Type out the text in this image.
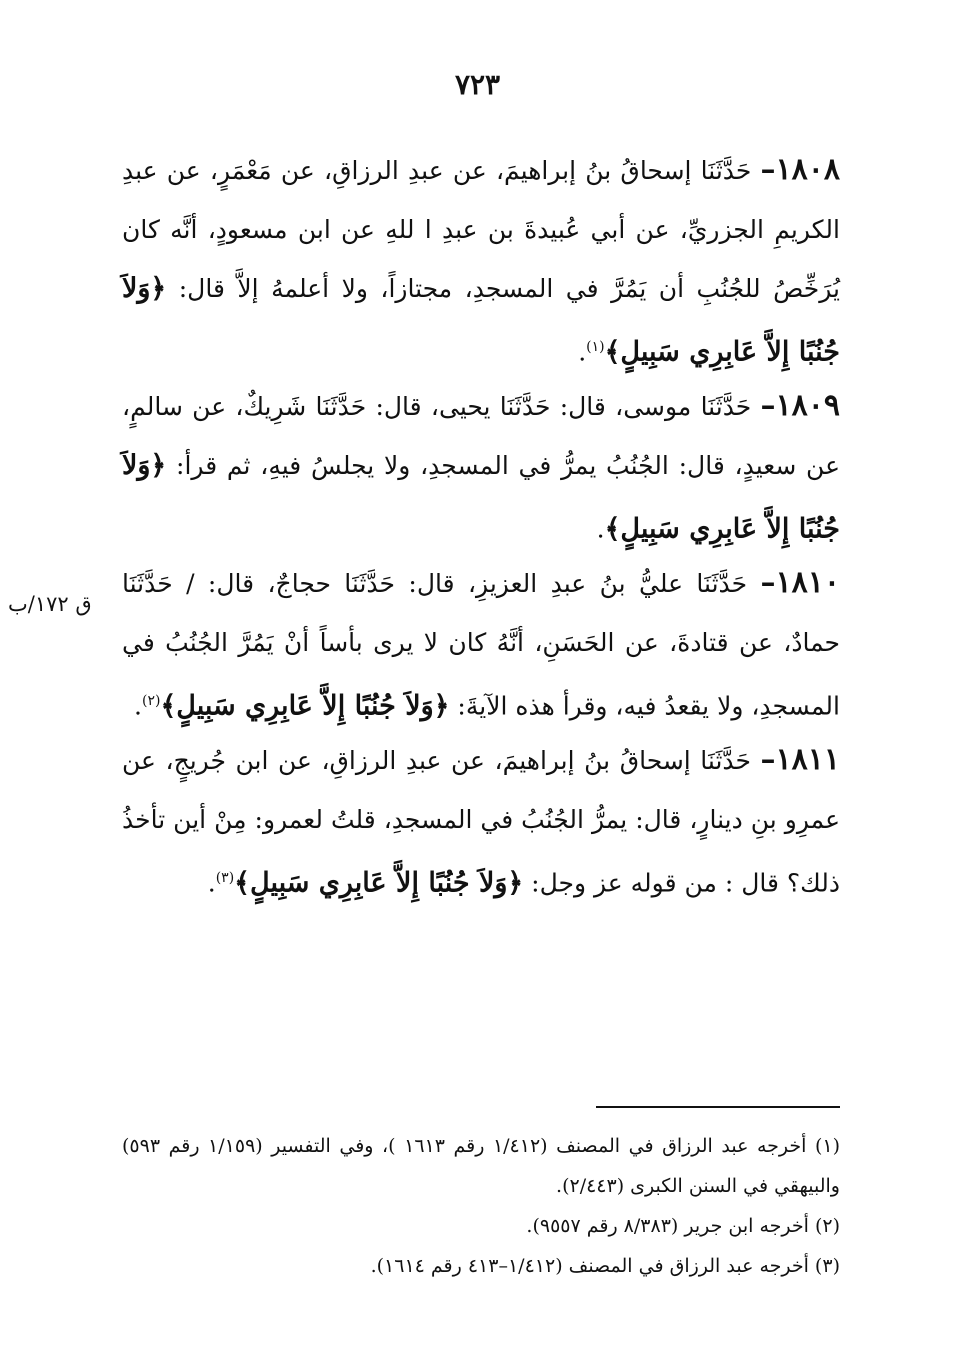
٧٢٣
ق ١٧٢/ب

١٨٠٨– حَدَّثَنَا إسحاقُ بنُ إبراهيمَ، عن عبدِ الرزاقِ، عن مَعْمَرٍ، عن عبدِ الكريمِ الجزريِّ، عن أبي عُبيدةَ بن عبدِ ا للهِ عن ابن مسعودٍ، أنَّه كان يُرَخِّصُ للجُنُبِ أن يَمُرَّ في المسجدِ، مجتازاً، ولا أعلمهُ إلاَّ قال: ﴿وَلاَ جُنُبًا إِلاَّ عَابِرِي سَبِيلٍ﴾$^{(١)}$.

١٨٠٩– حَدَّثَنَا موسى، قال: حَدَّثَنَا يحيى، قال: حَدَّثَنَا شَرِيكٌ، عن سالمٍ، عن سعيدٍ، قال: الجُنُبُ يمرُّ في المسجدِ، ولا يجلسُ فيهِ، ثم قرأ: ﴿وَلاَ جُنُبًا إِلاَّ عَابِرِي سَبِيلٍ﴾.

١٨١٠– حَدَّثَنَا عليُّ بنُ عبدِ العزيزِ، قال: حَدَّثَنَا حجاجٌ، قال: / حَدَّثَنَا حمادٌ، عن قتادةَ، عن الحَسَنِ، أنَّهُ كان لا يرى بأساً أنْ يَمُرَّ الجُنُبُ في المسجدِ، ولا يقعدُ فيه، وقرأ هذه الآيةَ: ﴿وَلاَ جُنُبًا إِلاَّ عَابِرِي سَبِيلٍ﴾$^{(٢)}$.

١٨١١– حَدَّثَنَا إسحاقُ بنُ إبراهيمَ، عن عبدِ الرزاقِ، عن ابن جُريجٍ، عن عمرِو بنِ دينارٍ، قال: يمرُّ الجُنُبُ في المسجدِ، قلتُ لعمرو: مِنْ أين تأخذُ ذلك؟ قال : من قوله عز وجل: ﴿وَلاَ جُنُبًا إِلاَّ عَابِرِي سَبِيلٍ﴾$^{(٣)}$.

(١) أخرجه عبد الرزاق في المصنف (١/٤١٢ رقم ١٦١٣ )، وفي التفسير (١/١٥٩ رقم ٥٩٣) والبيهقي في السنن الكبرى (٢/٤٤٣).

(٢) أخرجه ابن جرير (٨/٣٨٣ رقم ٩٥٥٧).

(٣) أخرجه عبد الرزاق في المصنف (١/٤١٢–٤١٣ رقم ١٦١٤).
